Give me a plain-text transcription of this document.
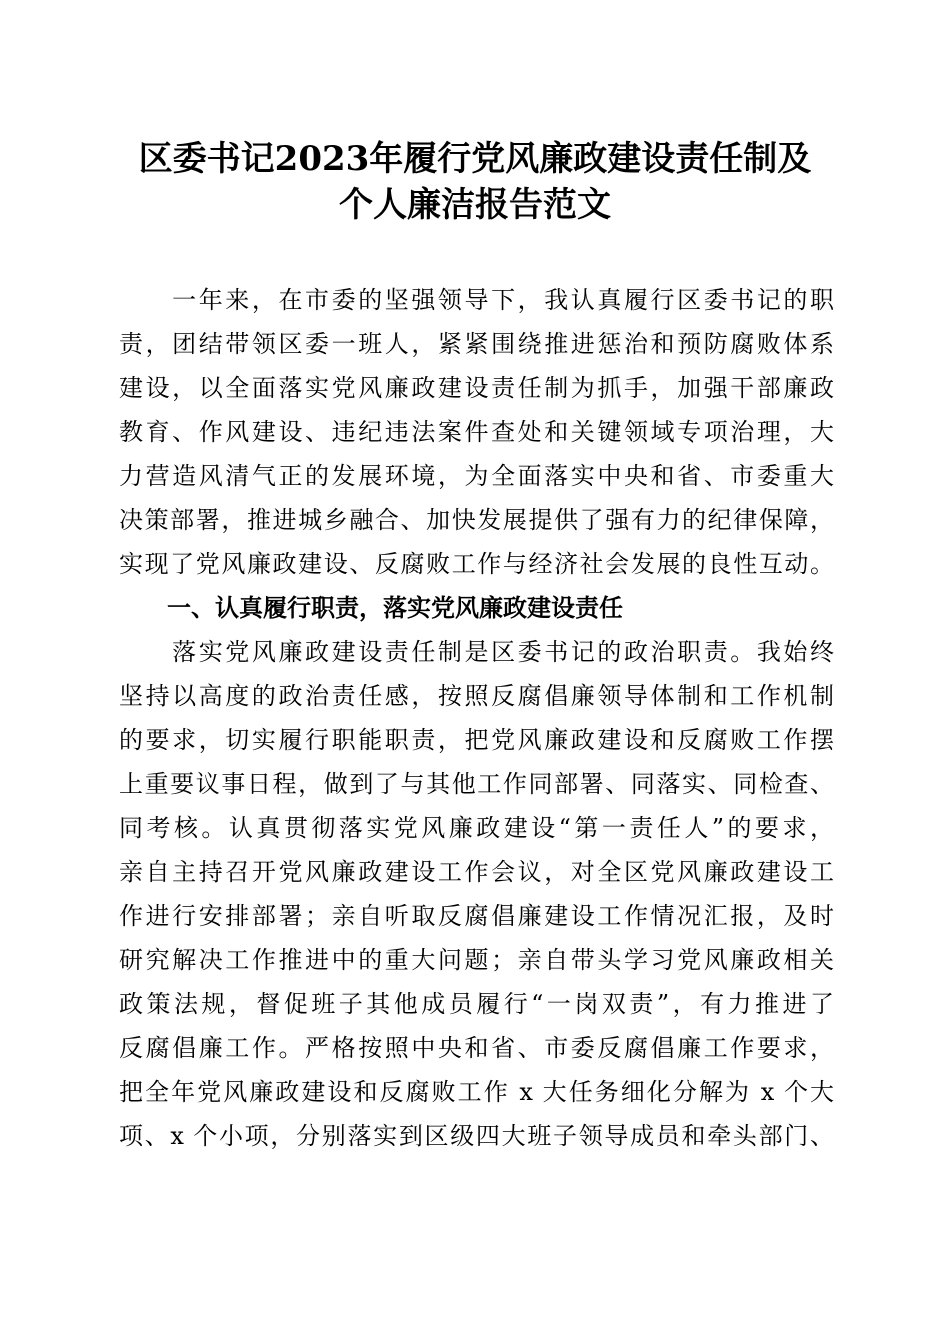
区委书记2023年履行党风廉政建设责任制及
个人廉洁报告范文
　　一年来，在市委的坚强领导下，我认真履行区委书记的职
责，团结带领区委一班人，紧紧围绕推进惩治和预防腐败体系
建设，以全面落实党风廉政建设责任制为抓手，加强干部廉政
教育、作风建设、违纪违法案件查处和关键领域专项治理，大
力营造风清气正的发展环境，为全面落实中央和省、市委重大
决策部署，推进城乡融合、加快发展提供了强有力的纪律保障，
实现了党风廉政建设、反腐败工作与经济社会发展的良性互动。
一、认真履行职责，落实党风廉政建设责任
　　落实党风廉政建设责任制是区委书记的政治职责。我始终
坚持以高度的政治责任感，按照反腐倡廉领导体制和工作机制
的要求，切实履行职能职责，把党风廉政建设和反腐败工作摆
上重要议事日程，做到了与其他工作同部署、同落实、同检查、
同考核。认真贯彻落实党风廉政建设“第一责任人”的要求，
亲自主持召开党风廉政建设工作会议，对全区党风廉政建设工
作进行安排部署；亲自听取反腐倡廉建设工作情况汇报，及时
研究解决工作推进中的重大问题；亲自带头学习党风廉政相关
政策法规，督促班子其他成员履行“一岗双责”，有力推进了
反腐倡廉工作。严格按照中央和省、市委反腐倡廉工作要求，
把全年党风廉政建设和反腐败工作 x 大任务细化分解为 x 个大
项、x 个小项，分别落实到区级四大班子领导成员和牵头部门、
